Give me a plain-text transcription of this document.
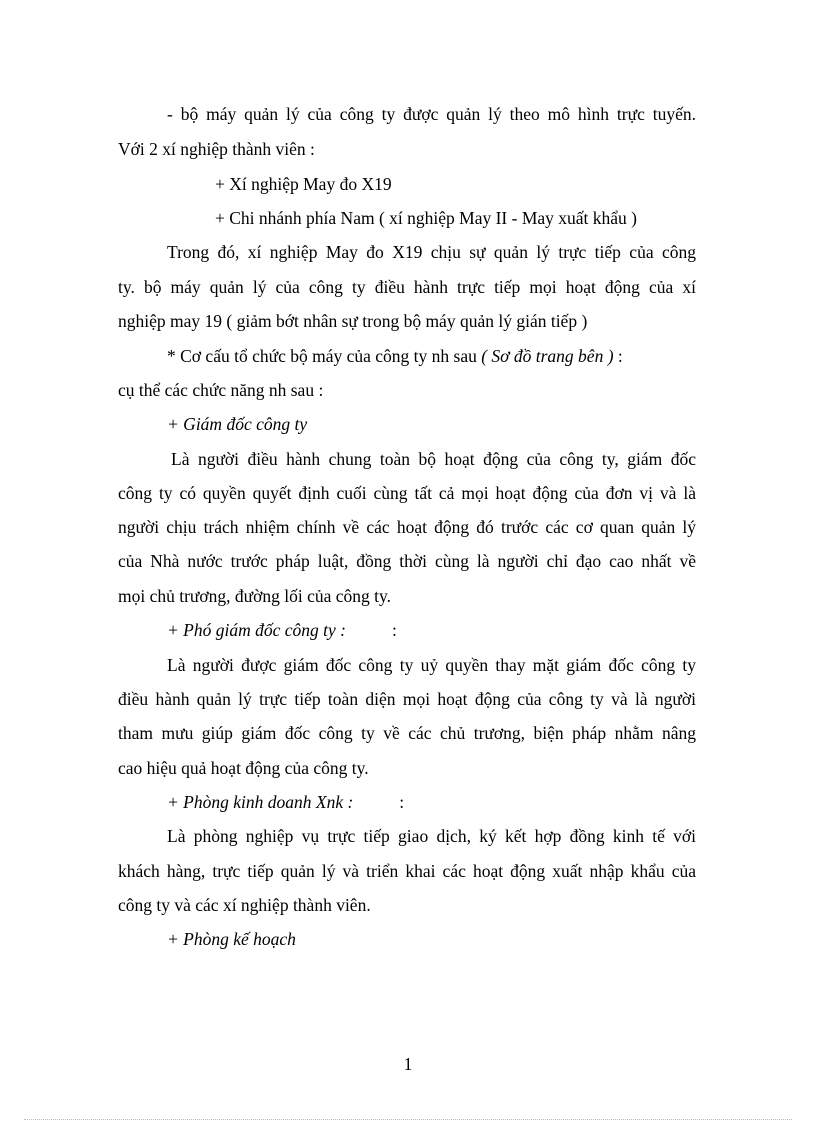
- bộ máy quản lý của công ty được quản lý theo mô hình trực tuyến.
Với 2 xí nghiệp thành viên :
+ Xí nghiệp May đo X19
+ Chi nhánh phía Nam ( xí nghiệp May II - May xuất khẩu )
Trong đó, xí nghiệp May đo X19 chịu sự quản lý trực tiếp của công
ty. bộ máy quản lý của công ty điều hành trực tiếp mọi hoạt động của xí
nghiệp may 19 ( giảm bớt nhân sự trong bộ máy quản lý gián tiếp )
* Cơ cấu tổ chức bộ máy của công ty nh sau ( Sơ đồ trang bên ) :
cụ thể các chức năng nh sau :
+ Giám đốc công ty
Là người điều hành chung toàn bộ hoạt động của công ty, giám đốc
công ty có quyền quyết định cuối cùng tất cả mọi hoạt động của đơn vị và là
người chịu trách nhiệm chính về các hoạt động đó trước các cơ quan quản lý
của Nhà nước trước pháp luật, đồng thời cùng là người chỉ đạo cao nhất về
mọi chủ trương, đường lối của công ty.
+ Phó giám đốc công ty :	:
Là người được giám đốc công ty uỷ quyền thay mặt giám đốc công ty
điều hành quản lý trực tiếp toàn diện mọi hoạt động của công ty và là người
tham mưu giúp giám đốc công ty về các chủ trương, biện pháp nhằm nâng
cao hiệu quả hoạt động của công ty.
+ Phòng kinh doanh Xnk :	:
Là phòng nghiệp vụ trực tiếp giao dịch, ký kết hợp đồng kinh tế với
khách hàng, trực tiếp quản lý và triển khai các hoạt động xuất nhập khẩu của
công ty và các xí nghiệp thành viên.
+ Phòng kế hoạch
1
